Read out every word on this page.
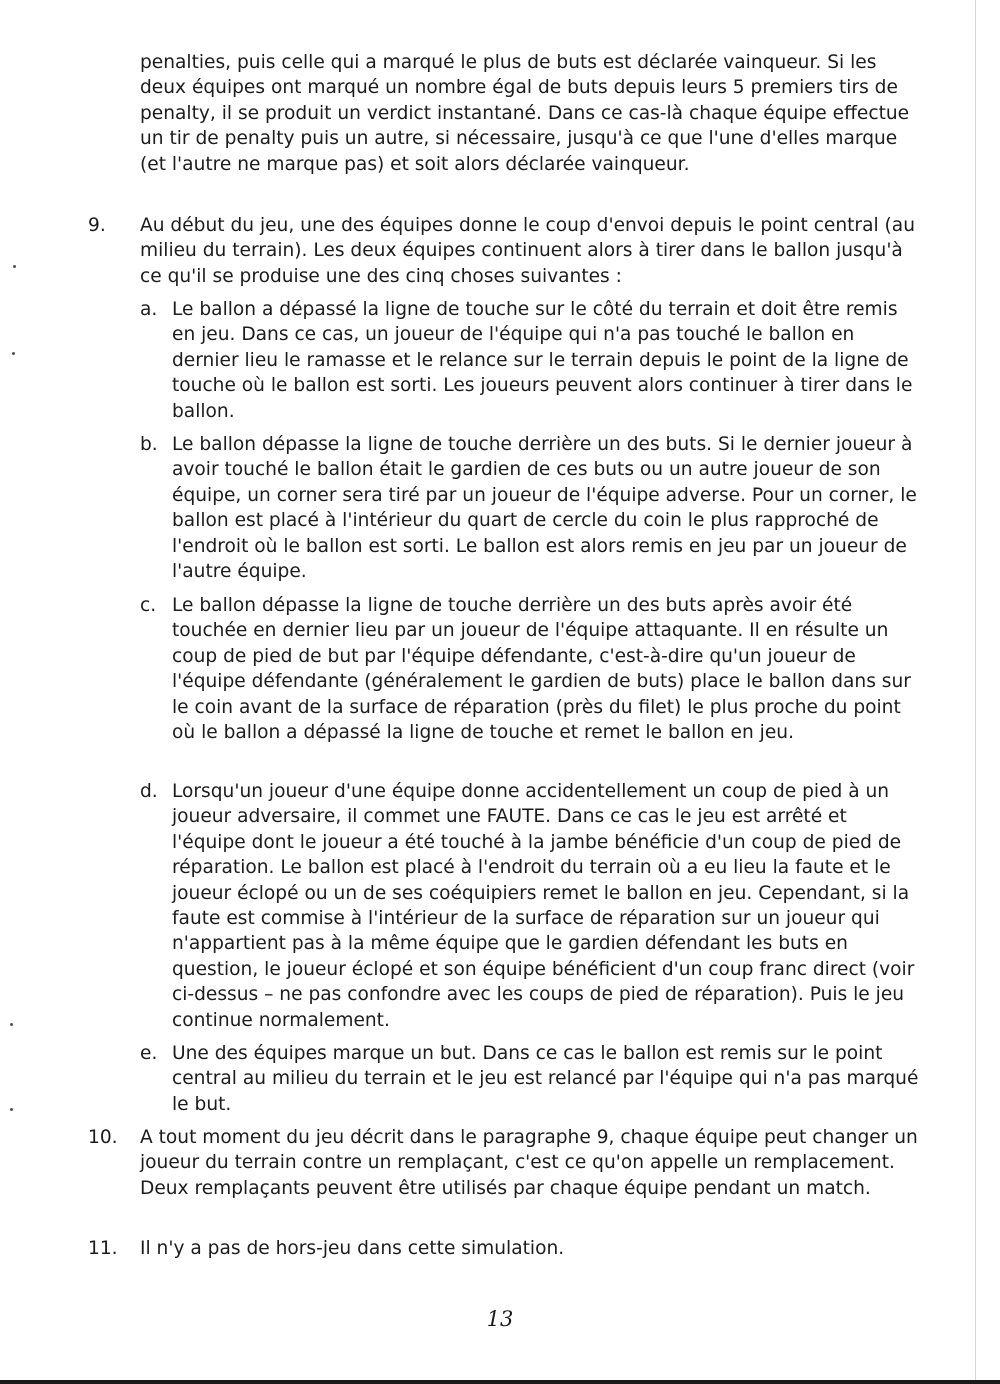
penalties, puis celle qui a marqué le plus de buts est déclarée vainqueur. Si les deux équipes ont marqué un nombre égal de buts depuis leurs 5 premiers tirs de penalty, il se produit un verdict instantané. Dans ce cas-là chaque équipe effectue un tir de penalty puis un autre, si nécessaire, jusqu'à ce que l'une d'elles marque (et l'autre ne marque pas) et soit alors déclarée vainqueur.

9. Au début du jeu, une des équipes donne le coup d'envoi depuis le point central (au milieu du terrain). Les deux équipes continuent alors à tirer dans le ballon jusqu'à ce qu'il se produise une des cinq choses suivantes :

a. Le ballon a dépassé la ligne de touche sur le côté du terrain et doit être remis en jeu. Dans ce cas, un joueur de l'équipe qui n'a pas touché le ballon en dernier lieu le ramasse et le relance sur le terrain depuis le point de la ligne de touche où le ballon est sorti. Les joueurs peuvent alors continuer à tirer dans le ballon.

b. Le ballon dépasse la ligne de touche derrière un des buts. Si le dernier joueur à avoir touché le ballon était le gardien de ces buts ou un autre joueur de son équipe, un corner sera tiré par un joueur de l'équipe adverse. Pour un corner, le ballon est placé à l'intérieur du quart de cercle du coin le plus rapproché de l'endroit où le ballon est sorti. Le ballon est alors remis en jeu par un joueur de l'autre équipe.

c. Le ballon dépasse la ligne de touche derrière un des buts après avoir été touchée en dernier lieu par un joueur de l'équipe attaquante. Il en résulte un coup de pied de but par l'équipe défendante, c'est-à-dire qu'un joueur de l'équipe défendante (généralement le gardien de buts) place le ballon dans sur le coin avant de la surface de réparation (près du filet) le plus proche du point où le ballon a dépassé la ligne de touche et remet le ballon en jeu.

d. Lorsqu'un joueur d'une équipe donne accidentellement un coup de pied à un joueur adversaire, il commet une FAUTE. Dans ce cas le jeu est arrêté et l'équipe dont le joueur a été touché à la jambe bénéficie d'un coup de pied de réparation. Le ballon est placé à l'endroit du terrain où a eu lieu la faute et le joueur éclopé ou un de ses coéquipiers remet le ballon en jeu. Cependant, si la faute est commise à l'intérieur de la surface de réparation sur un joueur qui n'appartient pas à la même équipe que le gardien défendant les buts en question, le joueur éclopé et son équipe bénéficient d'un coup franc direct (voir ci-dessus – ne pas confondre avec les coups de pied de réparation). Puis le jeu continue normalement.

e. Une des équipes marque un but. Dans ce cas le ballon est remis sur le point central au milieu du terrain et le jeu est relancé par l'équipe qui n'a pas marqué le but.

10. A tout moment du jeu décrit dans le paragraphe 9, chaque équipe peut changer un joueur du terrain contre un remplaçant, c'est ce qu'on appelle un remplacement. Deux remplaçants peuvent être utilisés par chaque équipe pendant un match.

11. Il n'y a pas de hors-jeu dans cette simulation.

13
